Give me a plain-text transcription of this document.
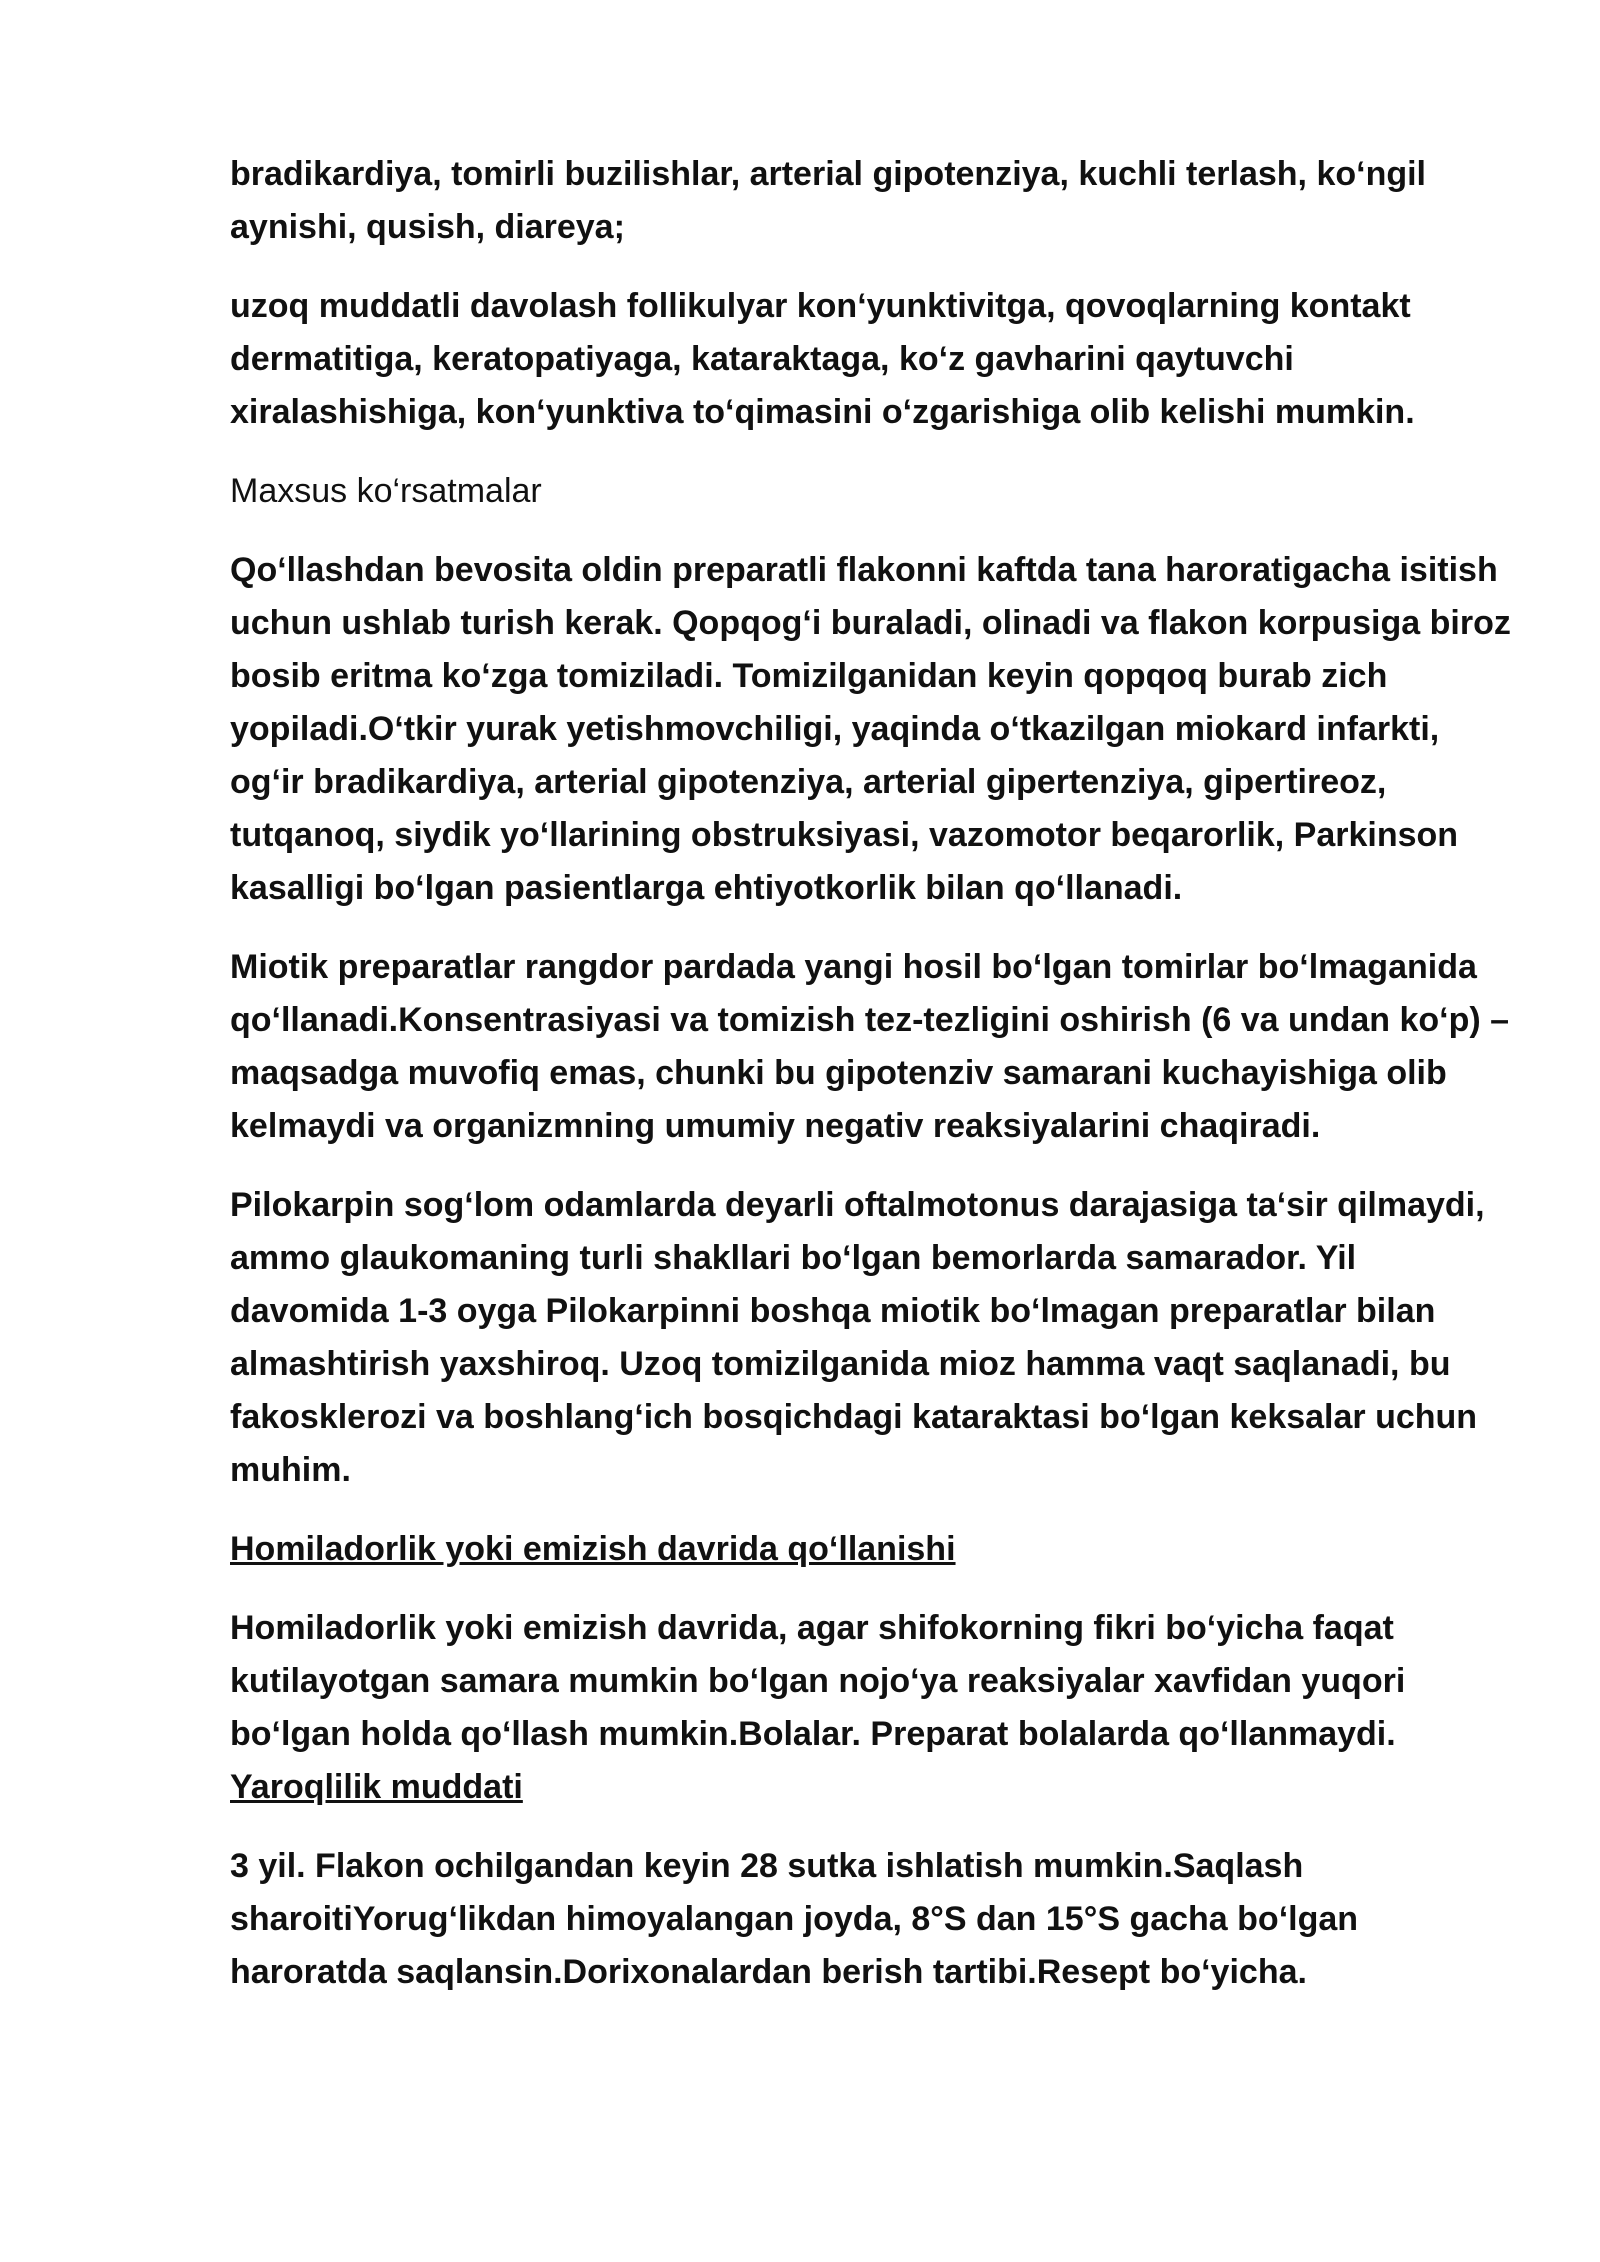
bradikardiya, tomirli buzilishlar, arterial gipotenziya, kuchli terlash, ko‘ngil aynishi, qusish, diareya;

uzoq muddatli davolash follikulyar kon‘yunktivitga, qovoqlarning kontakt dermatitiga, keratopatiyaga, kataraktaga, ko‘z gavharini qaytuvchi xiralashishiga, kon‘yunktiva to‘qimasini o‘zgarishiga olib kelishi mumkin.

Maxsus ko‘rsatmalar

Qo‘llashdan bevosita oldin preparatli flakonni kaftda tana haroratigacha isitish uchun ushlab turish kerak. Qopqog‘i buraladi, olinadi va flakon korpusiga biroz bosib eritma ko‘zga tomiziladi. Tomizilganidan keyin qopqoq burab zich yopiladi.O‘tkir yurak yetishmovchiligi, yaqinda o‘tkazilgan miokard infarkti, og‘ir bradikardiya, arterial gipotenziya, arterial gipertenziya, gipertireoz, tutqanoq, siydik yo‘llarining obstruksiyasi, vazomotor beqarorlik, Parkinson kasalligi bo‘lgan pasientlarga ehtiyotkorlik bilan qo‘llanadi.

Miotik preparatlar rangdor pardada yangi hosil bo‘lgan tomirlar bo‘lmaganida qo‘llanadi.Konsentrasiyasi va tomizish tez-tezligini oshirish (6 va undan ko‘p) – maqsadga muvofiq emas, chunki bu gipotenziv samarani kuchayishiga olib kelmaydi va organizmning umumiy negativ reaksiyalarini chaqiradi.

Pilokarpin sog‘lom odamlarda deyarli oftalmotonus darajasiga ta‘sir qilmaydi, ammo glaukomaning turli shakllari bo‘lgan bemorlarda samarador. Yil davomida 1-3 oyga Pilokarpinni boshqa miotik bo‘lmagan preparatlar bilan almashtirish yaxshiroq. Uzoq tomizilganida mioz hamma vaqt saqlanadi, bu fakosklerozi va boshlang‘ich bosqichdagi kataraktasi bo‘lgan keksalar uchun muhim.

Homiladorlik yoki emizish davrida qo‘llanishi

Homiladorlik yoki emizish davrida, agar shifokorning fikri bo‘yicha faqat kutilayotgan samara mumkin bo‘lgan nojo‘ya reaksiyalar xavfidan yuqori bo‘lgan holda qo‘llash mumkin.Bolalar. Preparat bolalarda qo‘llanmaydi.
Yaroqlilik muddati

3 yil. Flakon ochilgandan keyin 28 sutka ishlatish mumkin.Saqlash sharoitiYorug‘likdan himoyalangan joyda, 8°S dan 15°S gacha bo‘lgan haroratda saqlansin.Dorixonalardan berish tartibi.Resept bo‘yicha.
